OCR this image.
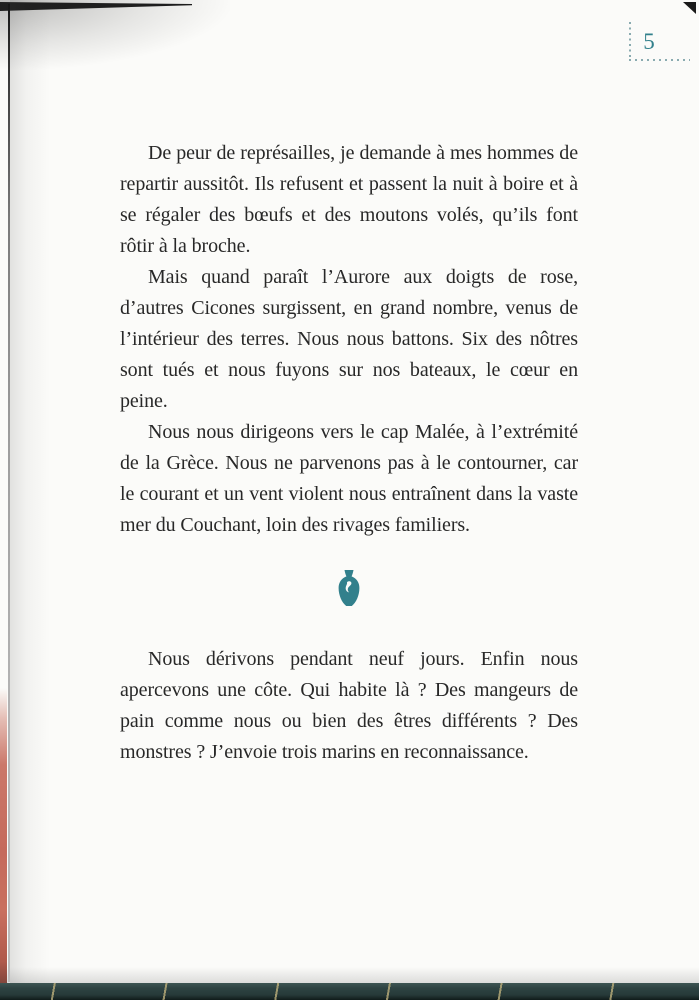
5

De peur de représailles, je demande à mes hommes de repartir aussitôt. Ils refusent et passent la nuit à boire et à se régaler des bœufs et des moutons volés, qu’ils font rôtir à la broche.

Mais quand paraît l’Aurore aux doigts de rose, d’autres Cicones surgissent, en grand nombre, venus de l’intérieur des terres. Nous nous battons. Six des nôtres sont tués et nous fuyons sur nos bateaux, le cœur en peine.

Nous nous dirigeons vers le cap Malée, à l’extrémité de la Grèce. Nous ne parvenons pas à le contourner, car le courant et un vent violent nous entraînent dans la vaste mer du Couchant, loin des rivages familiers.

Nous dérivons pendant neuf jours. Enfin nous apercevons une côte. Qui habite là ? Des mangeurs de pain comme nous ou bien des êtres différents ? Des monstres ? J’envoie trois marins en reconnaissance.
